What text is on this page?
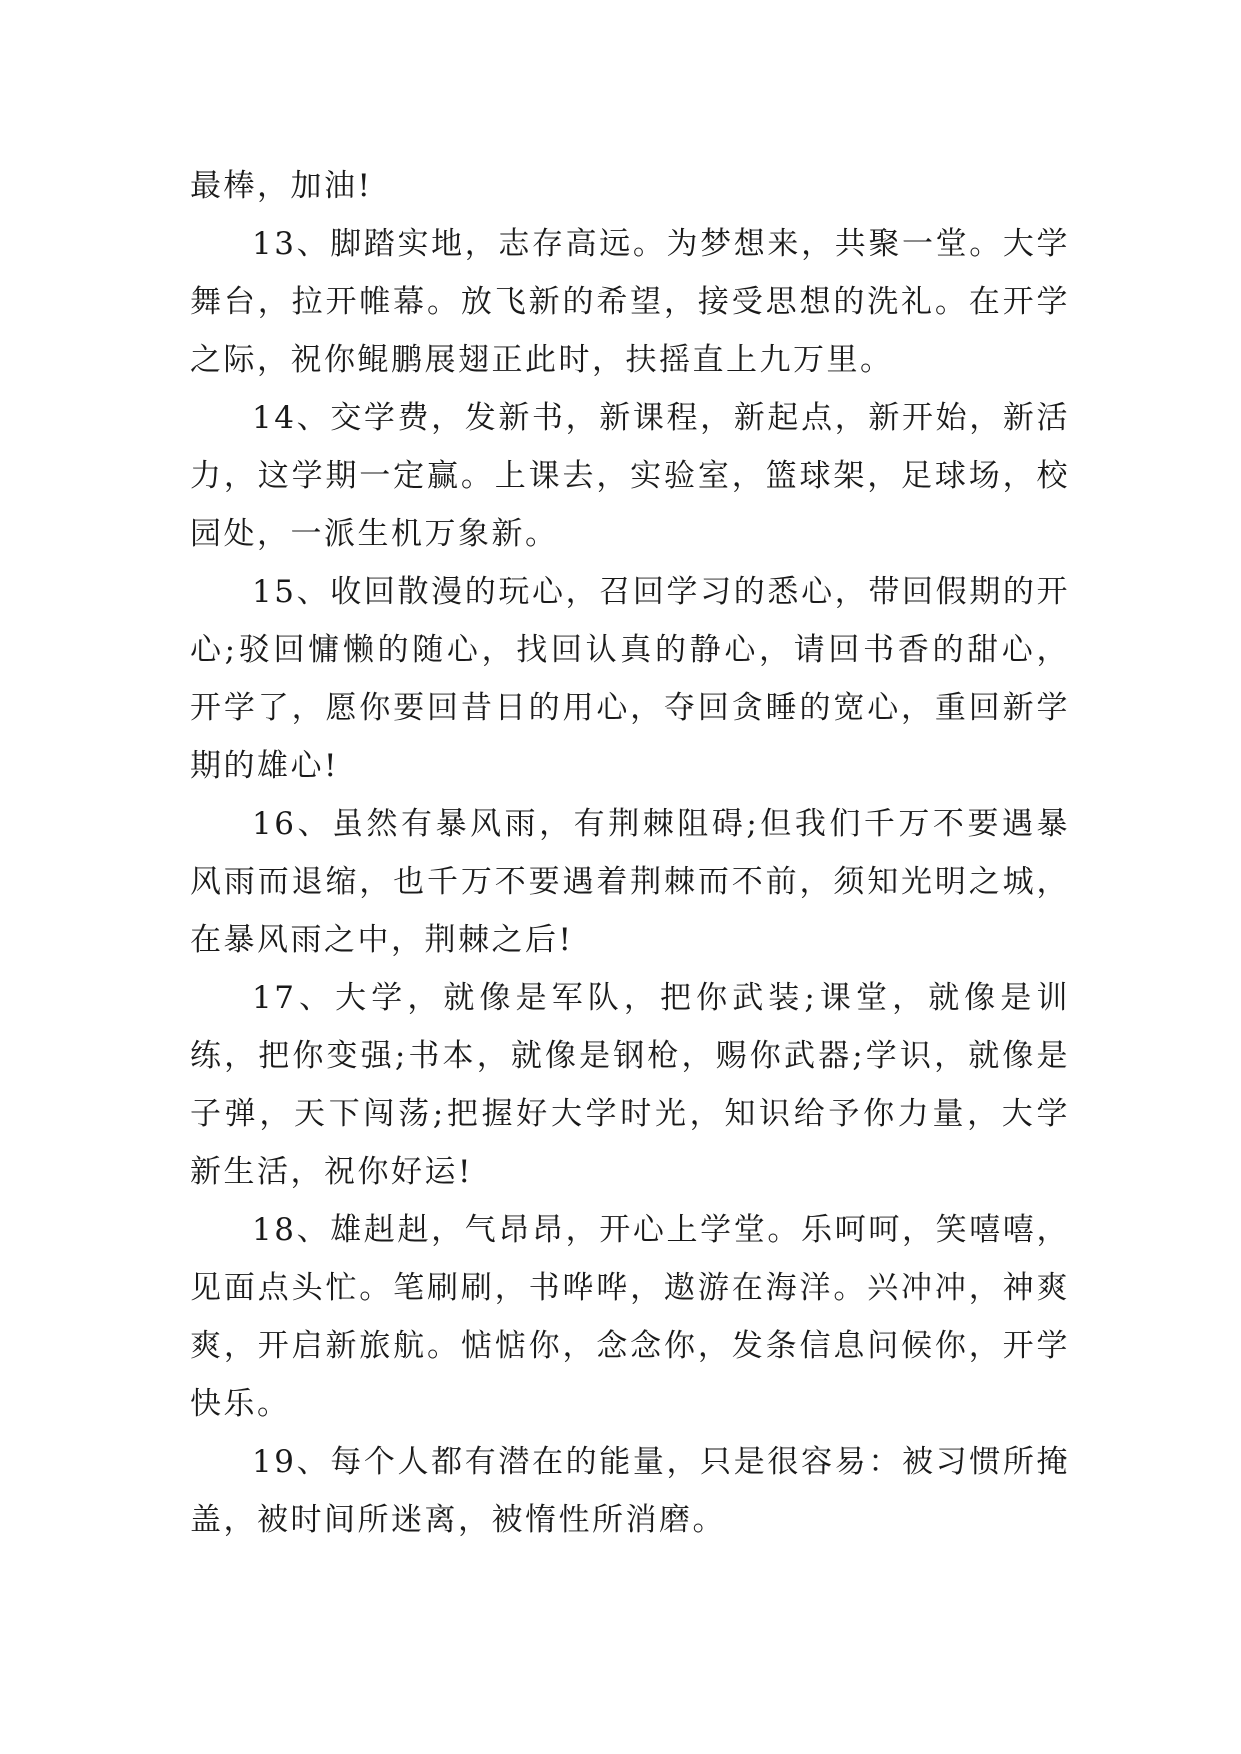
最棒，加油!

13、脚踏实地，志存高远。为梦想来，共聚一堂。大学舞台，拉开帷幕。放飞新的希望，接受思想的洗礼。在开学之际，祝你鲲鹏展翅正此时，扶摇直上九万里。

14、交学费，发新书，新课程，新起点，新开始，新活力，这学期一定赢。上课去，实验室，篮球架，足球场，校园处，一派生机万象新。

15、收回散漫的玩心，召回学习的悉心，带回假期的开心;驳回慵懒的随心，找回认真的静心，请回书香的甜心，开学了，愿你要回昔日的用心，夺回贪睡的宽心，重回新学期的雄心!

16、虽然有暴风雨，有荆棘阻碍;但我们千万不要遇暴风雨而退缩，也千万不要遇着荆棘而不前，须知光明之城，在暴风雨之中，荆棘之后!

17、大学，就像是军队，把你武装;课堂，就像是训练，把你变强;书本，就像是钢枪，赐你武器;学识，就像是子弹，天下闯荡;把握好大学时光，知识给予你力量，大学新生活，祝你好运!

18、雄赳赳，气昂昂，开心上学堂。乐呵呵，笑嘻嘻，见面点头忙。笔刷刷，书哗哗，遨游在海洋。兴冲冲，神爽爽，开启新旅航。惦惦你，念念你，发条信息问候你，开学快乐。

19、每个人都有潜在的能量，只是很容易：被习惯所掩盖，被时间所迷离，被惰性所消磨。
